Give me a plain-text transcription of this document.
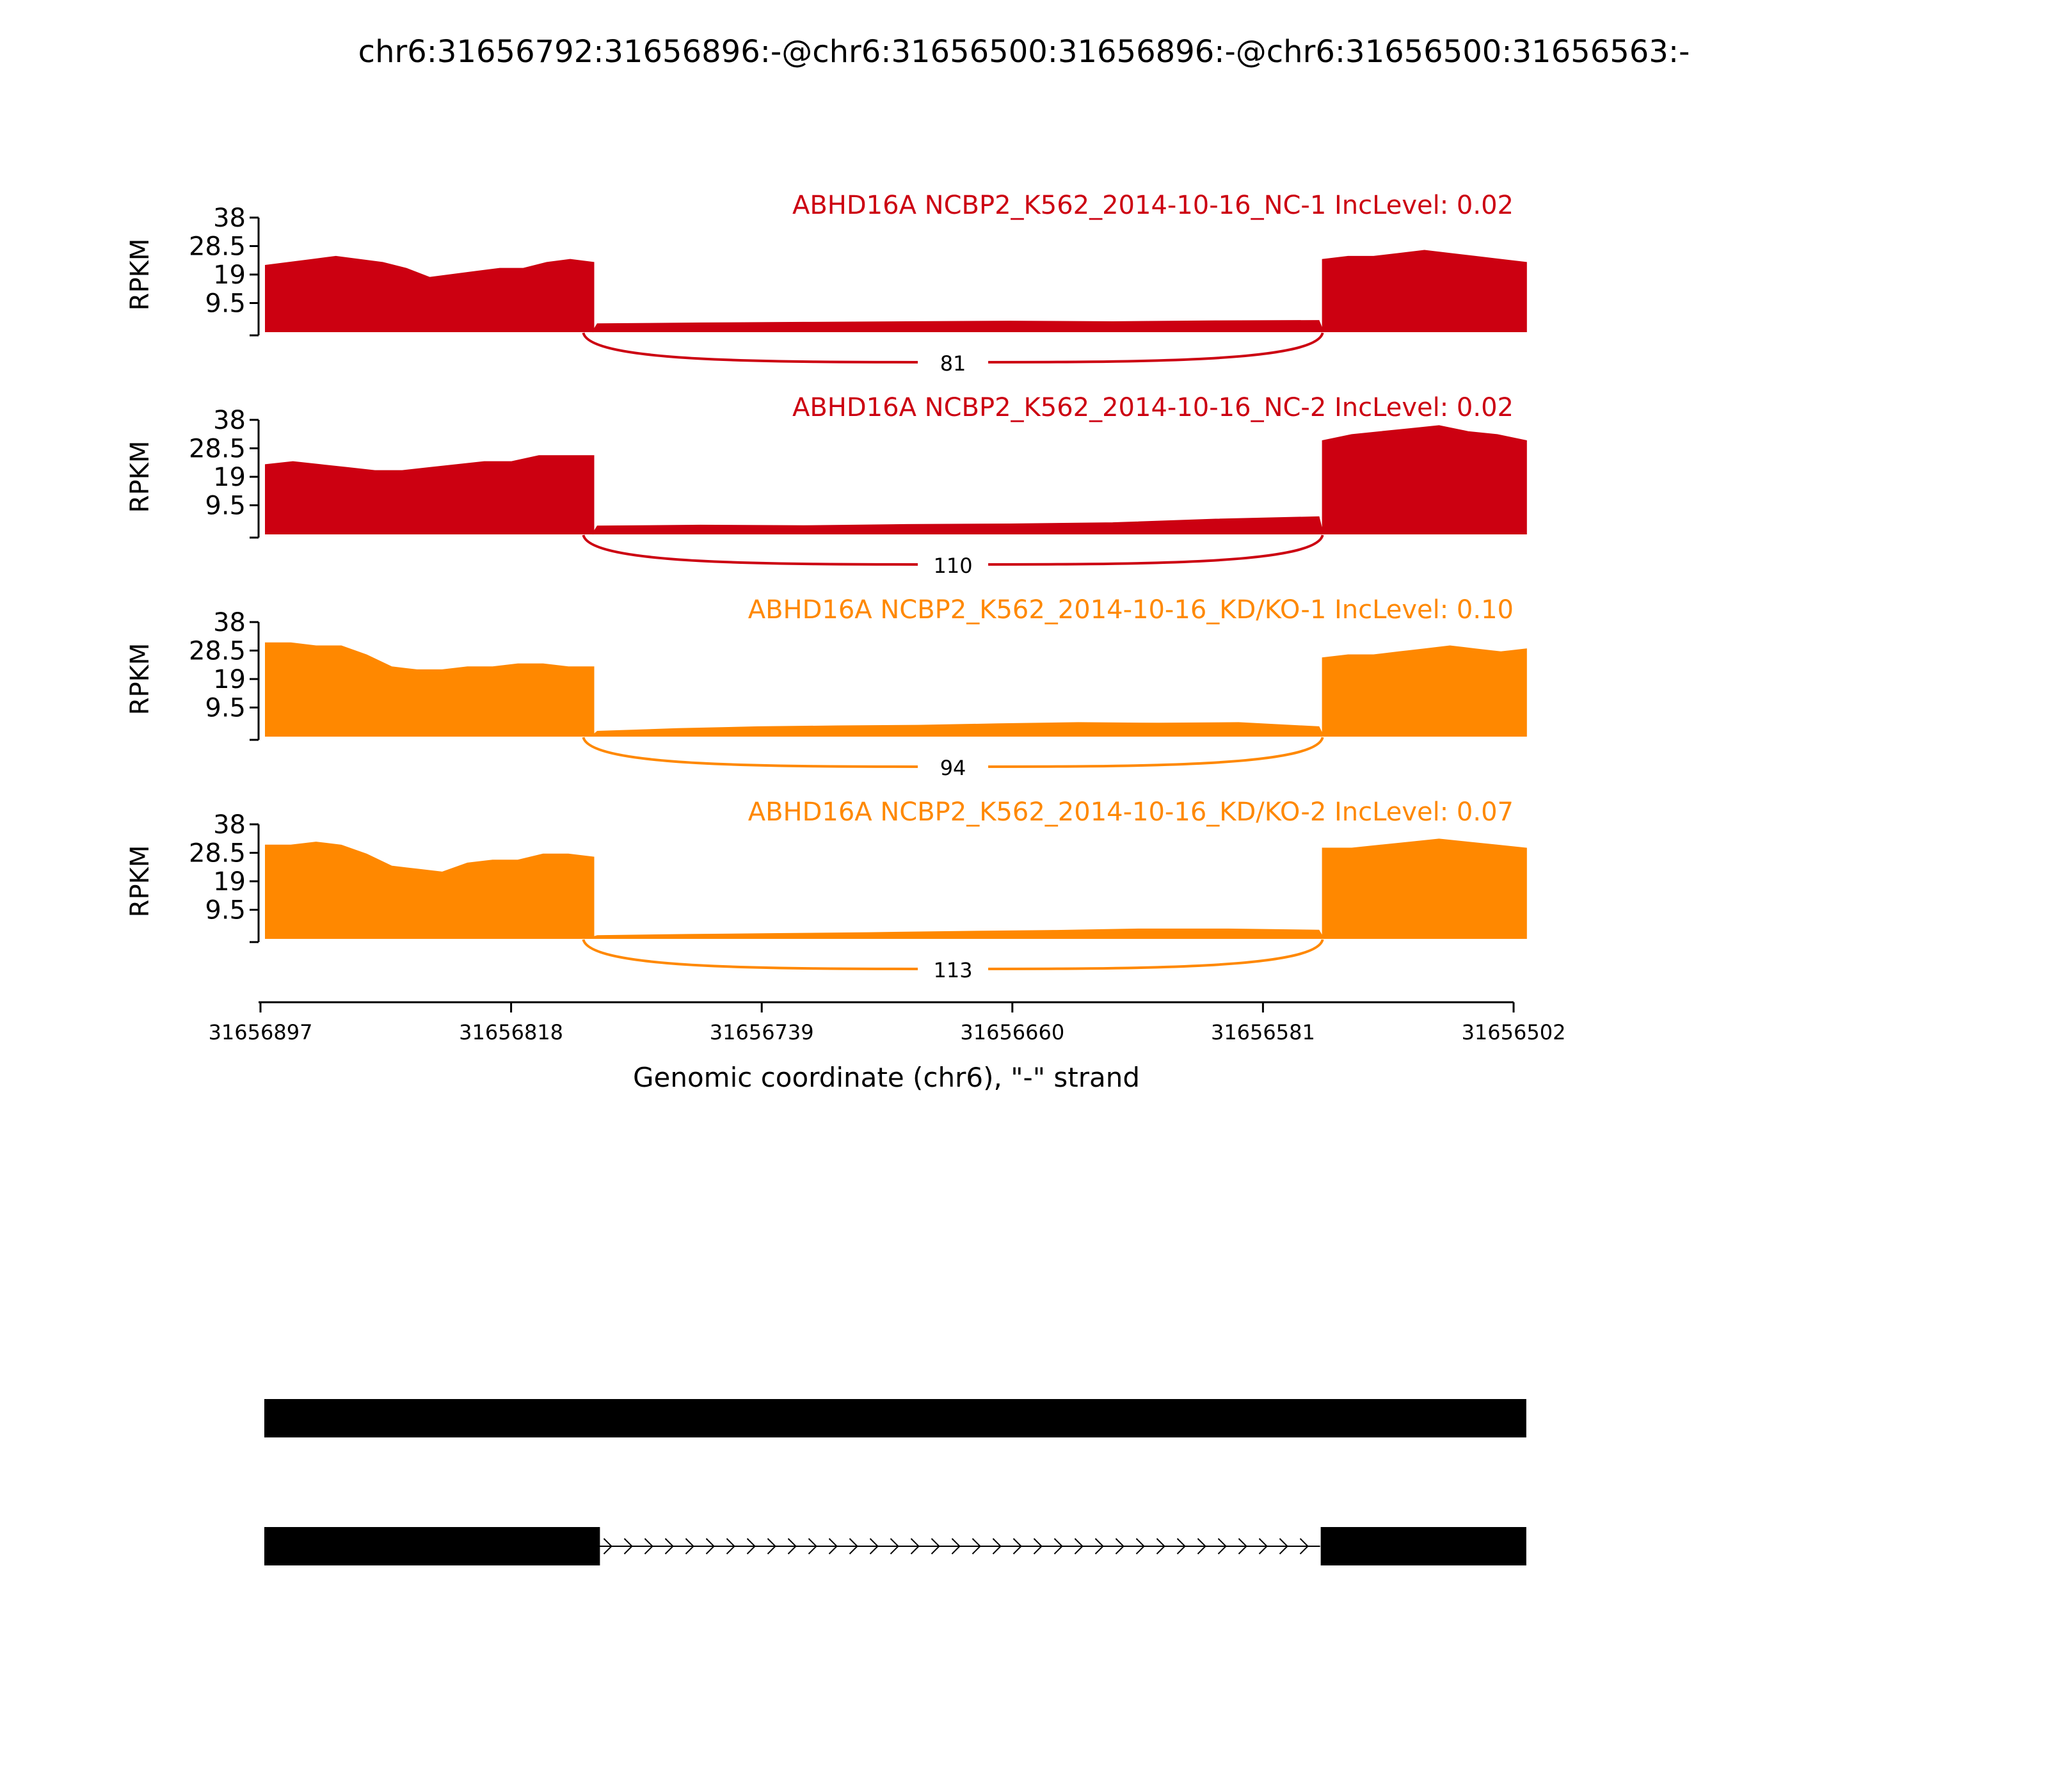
chr6:31656792:31656896:-@chr6:31656500:31656896:-@chr6:31656500:31656563:-
9.5
19
28.5
38
RPKM
ABHD16A NCBP2_K562_2014-10-16_NC-1 IncLevel: 0.02
81
9.5
19
28.5
38
RPKM
ABHD16A NCBP2_K562_2014-10-16_NC-2 IncLevel: 0.02
110
9.5
19
28.5
38
RPKM
ABHD16A NCBP2_K562_2014-10-16_KD/KO-1 IncLevel: 0.10
94
9.5
19
28.5
38
RPKM
ABHD16A NCBP2_K562_2014-10-16_KD/KO-2 IncLevel: 0.07
113
31656897	31656818	31656739	31656660	31656581	31656502
Genomic coordinate (chr6), "-" strand
